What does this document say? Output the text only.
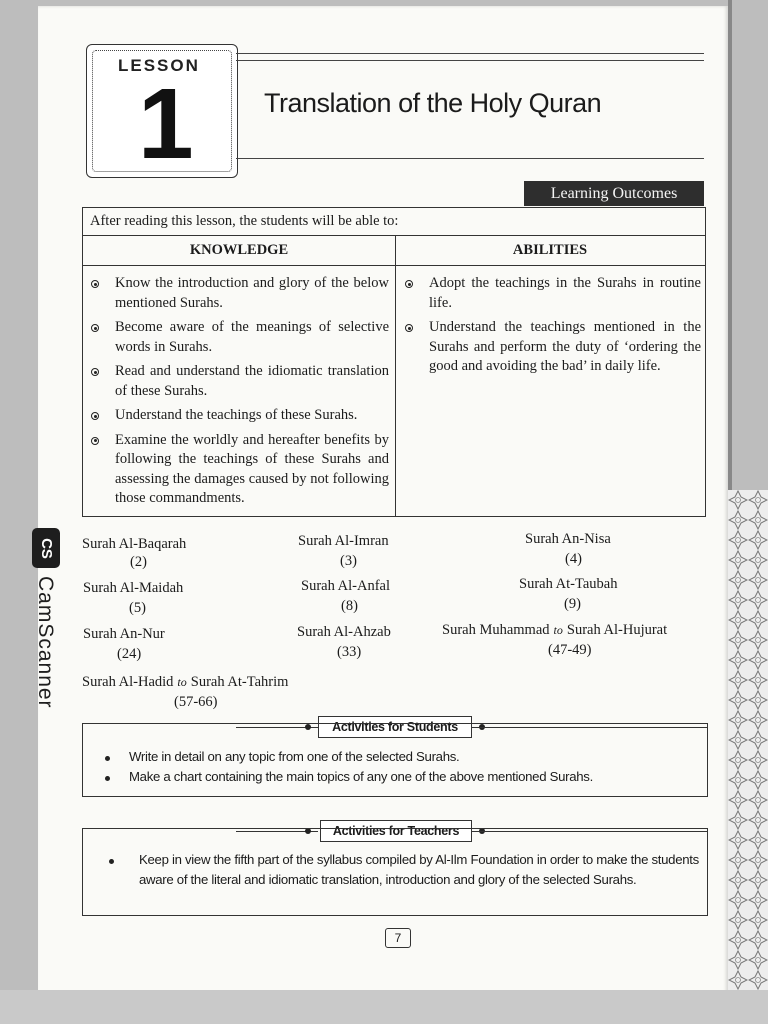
LESSON
1	Translation of the Holy Quran
Learning Outcomes
After reading this lesson, the students will be able to:
KNOWLEDGE	ABILITIES
Know the introduction and glory of the below mentioned Surahs.
Become aware of the meanings of selective words in Surahs.
Read and understand the idiomatic translation of these Surahs.
Understand the teachings of these Surahs.
Examine the worldly and hereafter benefits by following the teachings of these Surahs and assessing the damages caused by not following those commandments.
Adopt the teachings in the Surahs in routine life.
Understand the teachings mentioned in the Surahs and perform the duty of ‘ordering the good and avoiding the bad’ in daily life.
Surah Al-Baqarah
(2)
Surah Al-Imran
(3)
Surah An-Nisa
(4)
Surah Al-Maidah
(5)
Surah Al-Anfal
(8)
Surah At-Taubah
(9)
Surah An-Nur
(24)
Surah Al-Ahzab
(33)
Surah Muhammad to Surah Al-Hujurat
(47-49)
Surah Al-Hadid to Surah At-Tahrim
(57-66)
Activities for Students
Write in detail on any topic from one of the selected Surahs.
Make a chart containing the main topics of any one of the above mentioned Surahs.
Activities for Teachers
Keep in view the fifth part of the syllabus compiled by Al-Ilm Foundation in order to make the students aware of the literal and idiomatic translation, introduction and glory of the selected Surahs.
7
CS
CamScanner
